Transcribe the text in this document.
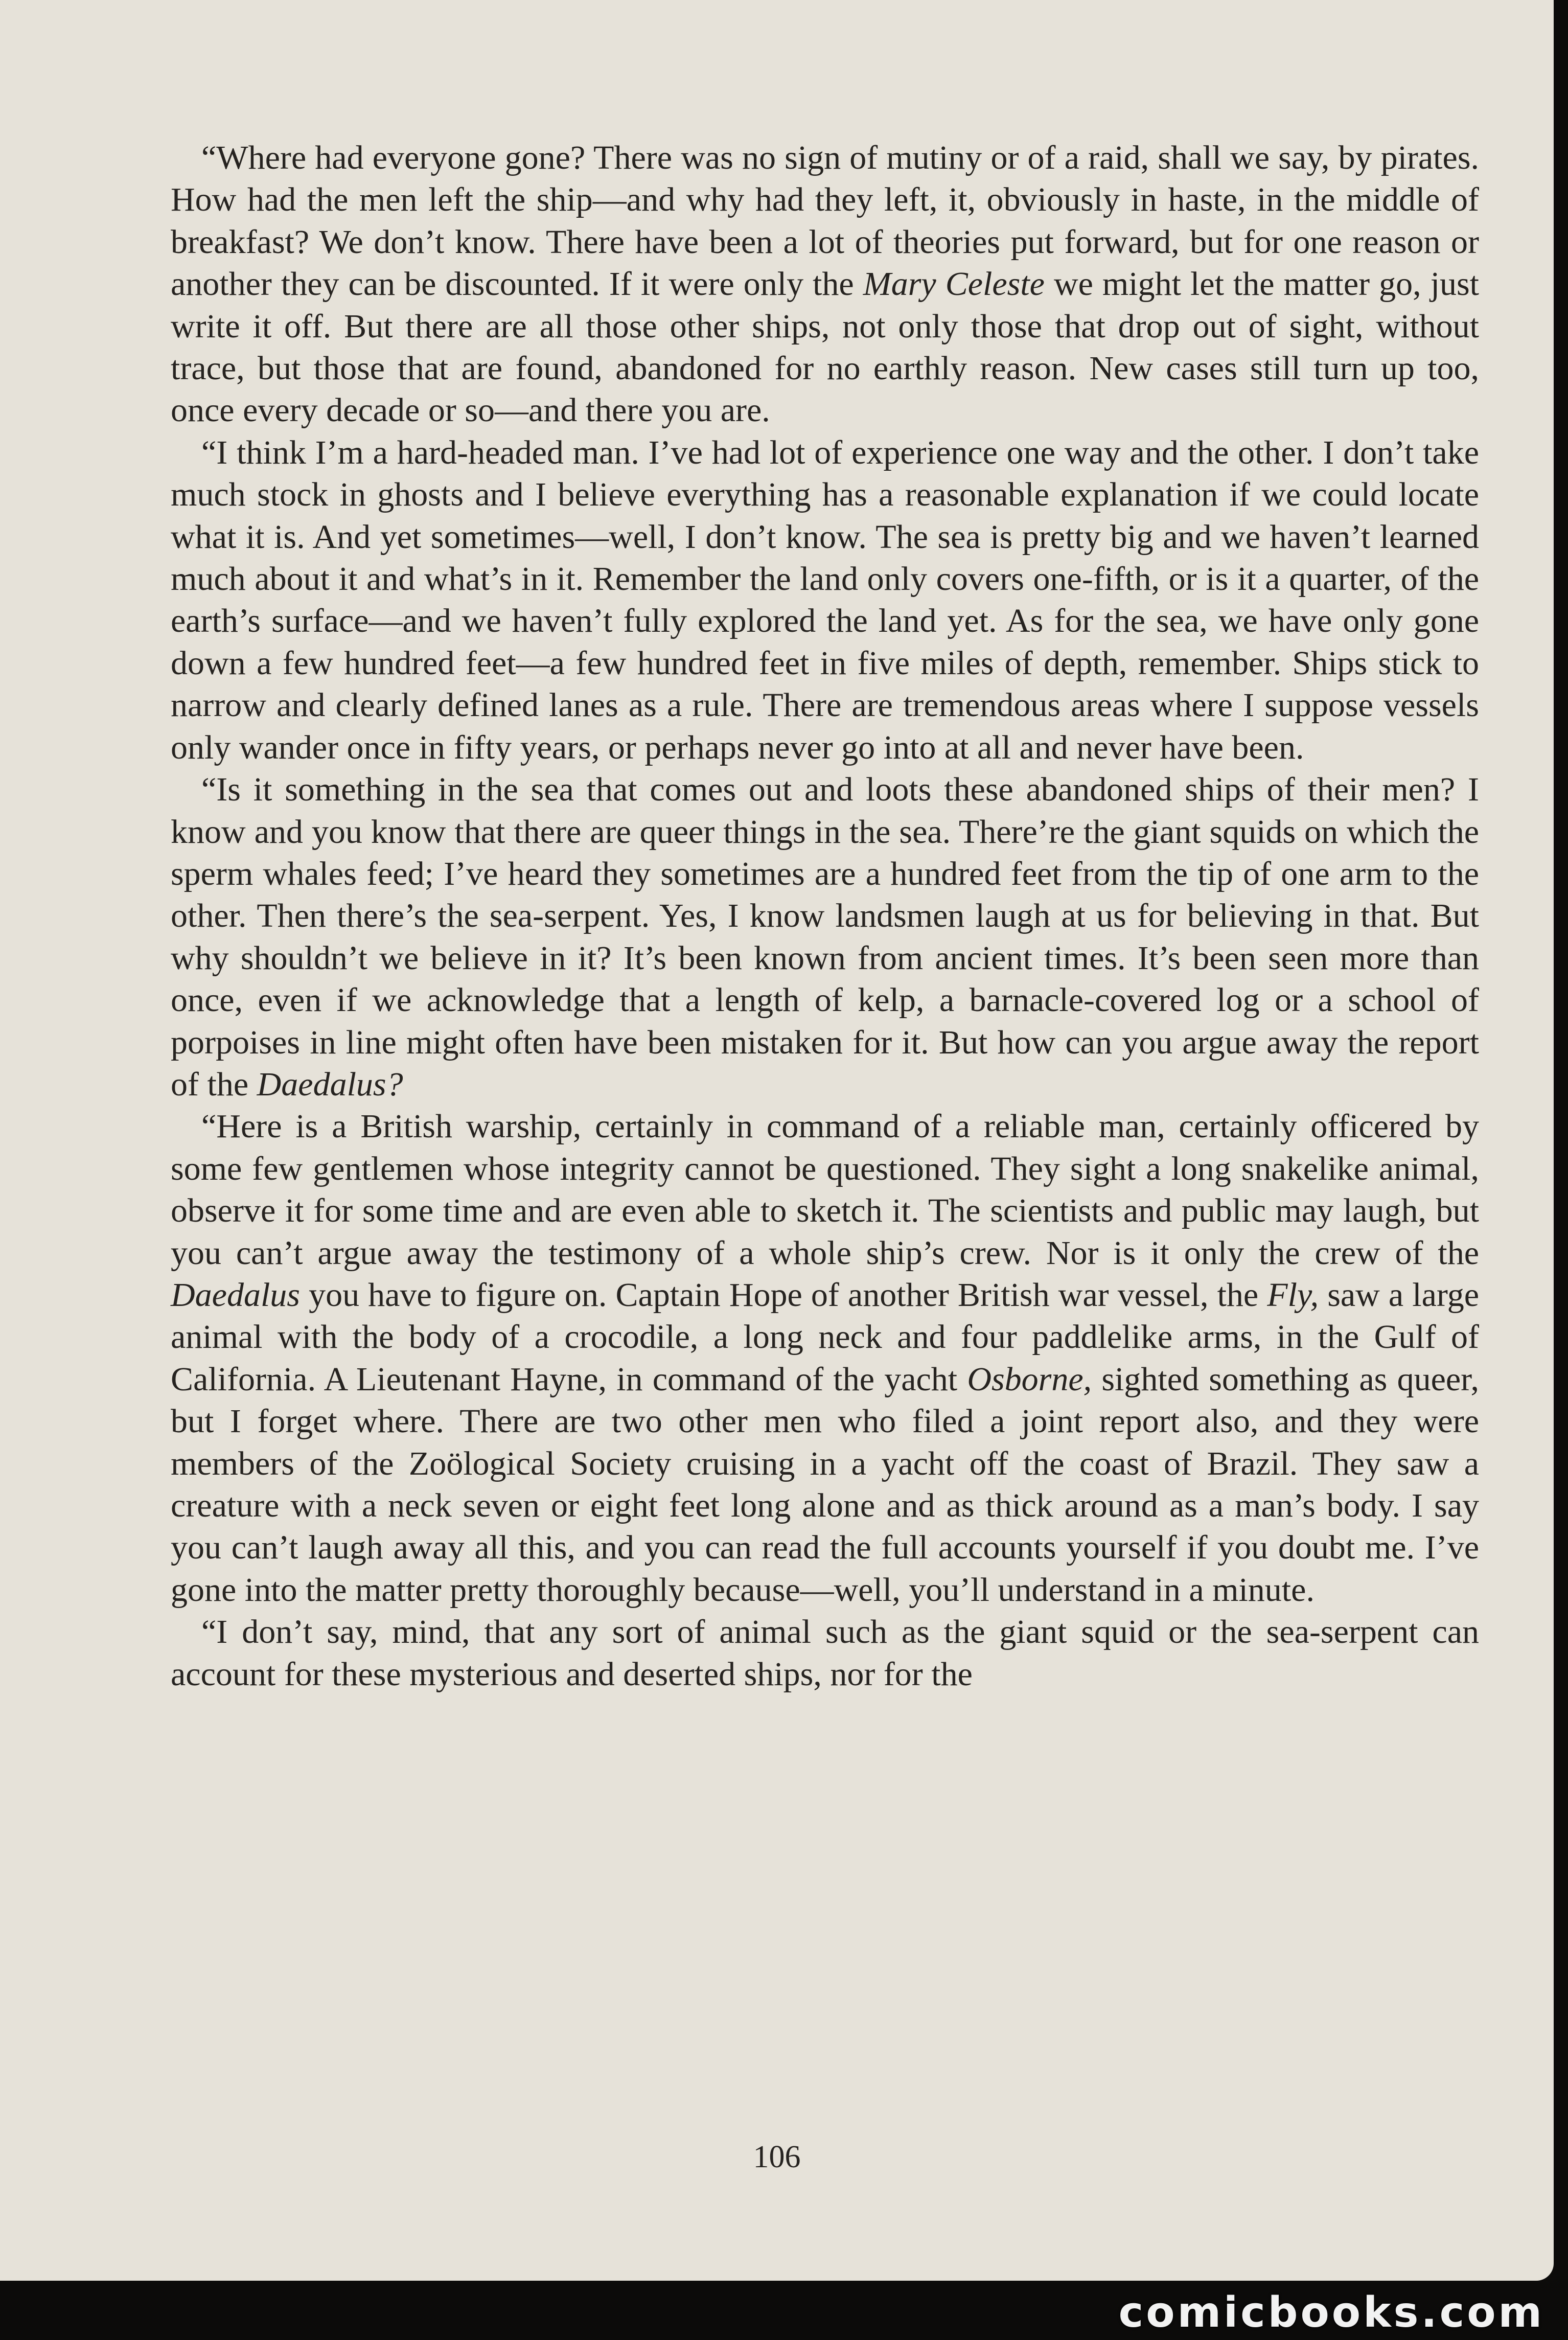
“Where had everyone gone? There was no sign of mutiny or of a raid, shall we say, by pirates. How had the men left the ship—and why had they left, it, obviously in haste, in the middle of breakfast? We don’t know. There have been a lot of theories put forward, but for one reason or another they can be discounted. If it were only the Mary Celeste we might let the matter go, just write it off. But there are all those other ships, not only those that drop out of sight, without trace, but those that are found, abandoned for no earthly reason. New cases still turn up too, once every decade or so—and there you are.

“I think I’m a hard-headed man. I’ve had lot of experience one way and the other. I don’t take much stock in ghosts and I believe everything has a reasonable explanation if we could locate what it is. And yet sometimes—well, I don’t know. The sea is pretty big and we haven’t learned much about it and what’s in it. Remember the land only covers one-fifth, or is it a quarter, of the earth’s surface—and we haven’t fully explored the land yet. As for the sea, we have only gone down a few hundred feet—a few hundred feet in five miles of depth, remember. Ships stick to narrow and clearly defined lanes as a rule. There are tremendous areas where I suppose vessels only wander once in fifty years, or perhaps never go into at all and never have been.

“Is it something in the sea that comes out and loots these abandoned ships of their men? I know and you know that there are queer things in the sea. There’re the giant squids on which the sperm whales feed; I’ve heard they sometimes are a hundred feet from the tip of one arm to the other. Then there’s the sea-serpent. Yes, I know landsmen laugh at us for believing in that. But why shouldn’t we believe in it? It’s been known from ancient times. It’s been seen more than once, even if we acknowledge that a length of kelp, a barnacle-covered log or a school of porpoises in line might often have been mistaken for it. But how can you argue away the report of the Daedalus?

“Here is a British warship, certainly in command of a reliable man, certainly officered by some few gentlemen whose integrity cannot be questioned. They sight a long snakelike animal, observe it for some time and are even able to sketch it. The scientists and public may laugh, but you can’t argue away the testimony of a whole ship’s crew. Nor is it only the crew of the Daedalus you have to figure on. Captain Hope of another British war vessel, the Fly, saw a large animal with the body of a crocodile, a long neck and four paddlelike arms, in the Gulf of California. A Lieutenant Hayne, in command of the yacht Osborne, sighted something as queer, but I forget where. There are two other men who filed a joint report also, and they were members of the Zoölogical Society cruising in a yacht off the coast of Brazil. They saw a creature with a neck seven or eight feet long alone and as thick around as a man’s body. I say you can’t laugh away all this, and you can read the full accounts yourself if you doubt me. I’ve gone into the matter pretty thoroughly because—well, you’ll understand in a minute.

“I don’t say, mind, that any sort of animal such as the giant squid or the sea-serpent can account for these mysterious and deserted ships, nor for the

106
comicbooks.com
